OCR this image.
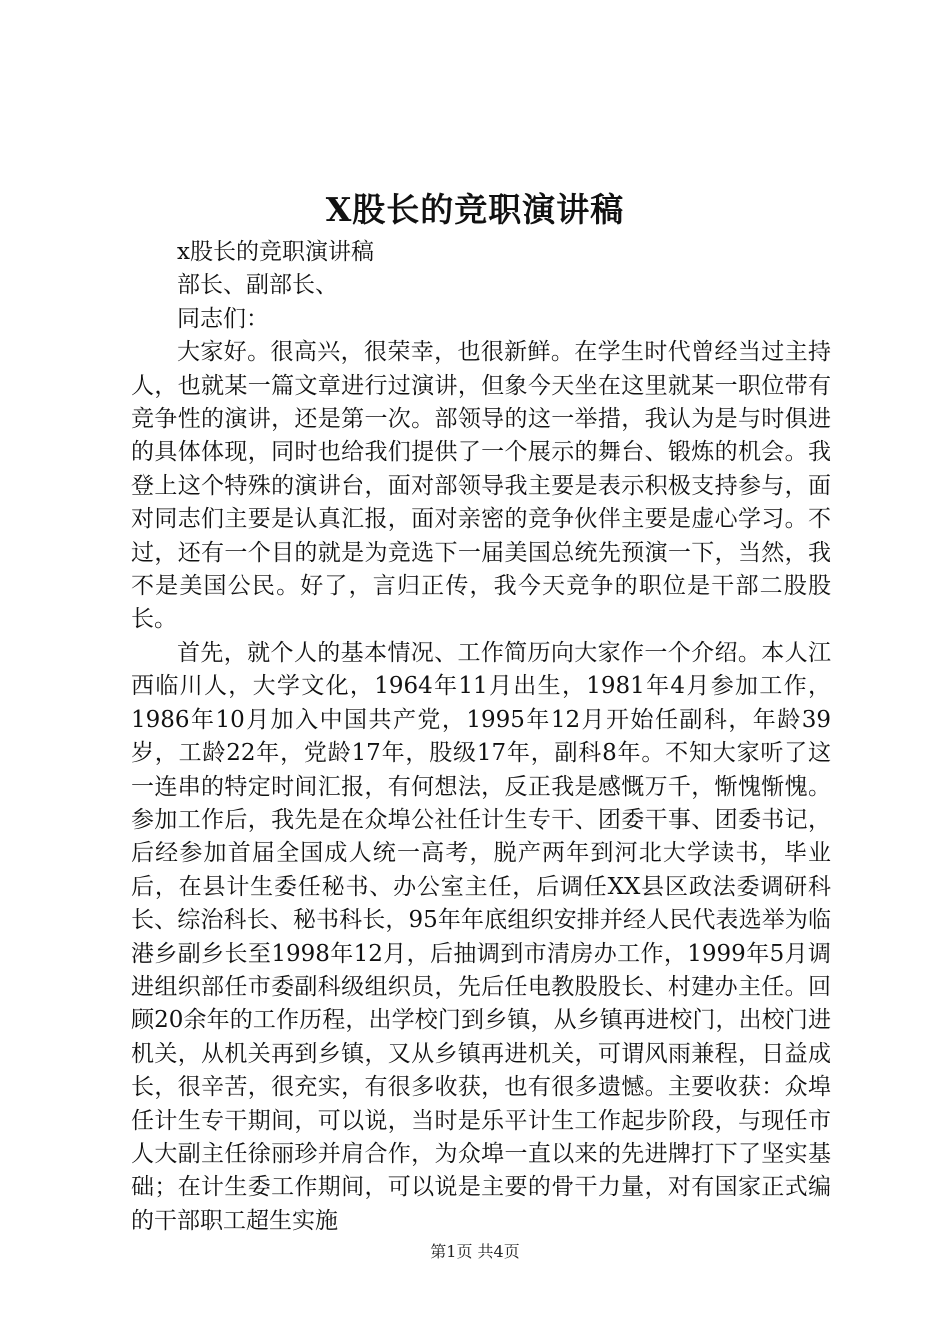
X股长的竞职演讲稿

x股长的竞职演讲稿

部长、副部长、

同志们：

大家好。很高兴，很荣幸，也很新鲜。在学生时代曾经当过主持人，也就某一篇文章进行过演讲，但象今天坐在这里就某一职位带有竞争性的演讲，还是第一次。部领导的这一举措，我认为是与时俱进的具体体现，同时也给我们提供了一个展示的舞台、锻炼的机会。我登上这个特殊的演讲台，面对部领导我主要是表示积极支持参与，面对同志们主要是认真汇报，面对亲密的竞争伙伴主要是虚心学习。不过，还有一个目的就是为竞选下一届美国总统先预演一下，当然，我不是美国公民。好了，言归正传，我今天竞争的职位是干部二股股长。

首先，就个人的基本情况、工作简历向大家作一个介绍。本人江西临川人，大学文化，1964年11月出生，1981年4月参加工作，1986年10月加入中国共产党，1995年12月开始任副科，年龄39岁，工龄22年，党龄17年，股级17年，副科8年。不知大家听了这一连串的特定时间汇报，有何想法，反正我是感慨万千，惭愧惭愧。参加工作后，我先是在众埠公社任计生专干、团委干事、团委书记，后经参加首届全国成人统一高考，脱产两年到河北大学读书，毕业后，在县计生委任秘书、办公室主任，后调任XX县区政法委调研科长、综治科长、秘书科长，95年年底组织安排并经人民代表选举为临港乡副乡长至1998年12月，后抽调到市清房办工作，1999年5月调进组织部任市委副科级组织员，先后任电教股股长、村建办主任。回顾20余年的工作历程，出学校门到乡镇，从乡镇再进校门，出校门进机关，从机关再到乡镇，又从乡镇再进机关，可谓风雨兼程，日益成长，很辛苦，很充实，有很多收获，也有很多遗憾。主要收获：众埠任计生专干期间，可以说，当时是乐平计生工作起步阶段，与现任市人大副主任徐丽珍并肩合作，为众埠一直以来的先进牌打下了坚实基础；在计生委工作期间，可以说是主要的骨干力量，对有国家正式编的干部职工超生实施

第1页 共4页
